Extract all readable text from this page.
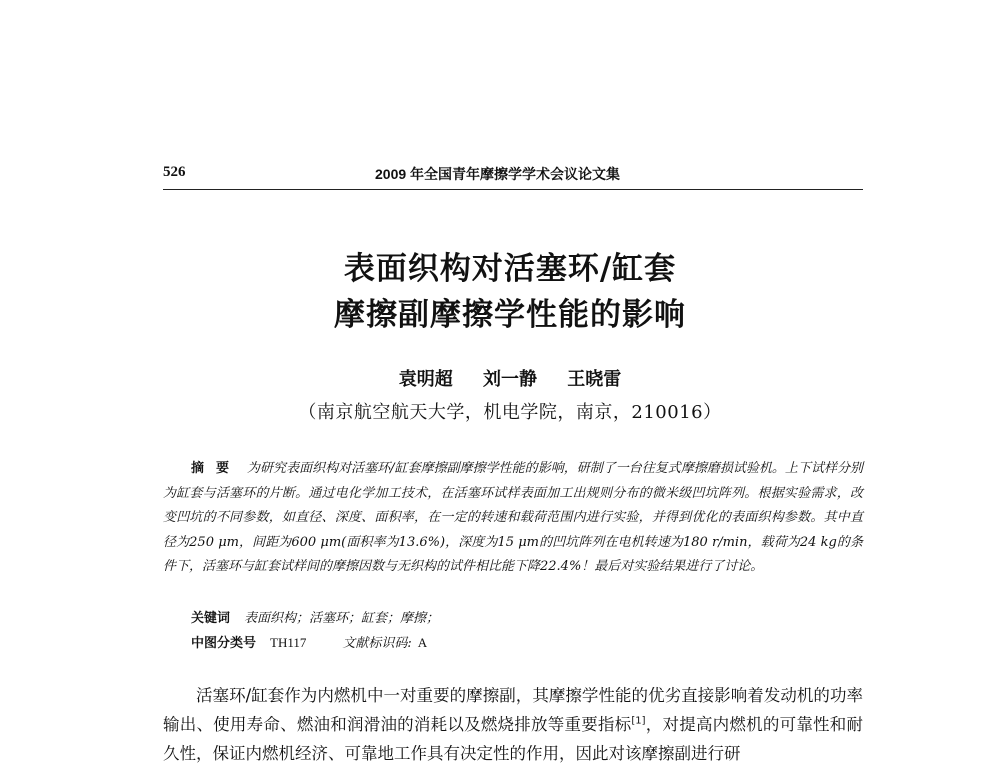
526	2009 年全国青年摩擦学学术会议论文集
表面织构对活塞环/缸套
摩擦副摩擦学性能的影响
袁明超 刘一静 王晓雷
（南京航空航天大学，机电学院，南京，210016）
摘要 为研究表面织构对活塞环/缸套摩擦副摩擦学性能的影响，研制了一台往复式摩擦磨损试验机。上下试样分别为缸套与活塞环的片断。通过电化学加工技术，在活塞环试样表面加工出规则分布的微米级凹坑阵列。根据实验需求，改变凹坑的不同参数，如直径、深度、面积率，在一定的转速和载荷范围内进行实验，并得到优化的表面织构参数。其中直径为250 μm，间距为600 μm(面积率为13.6%)，深度为15 μm的凹坑阵列在电机转速为180 r/min，载荷为24 kg的条件下，活塞环与缸套试样间的摩擦因数与无织构的试件相比能下降22.4%！最后对实验结果进行了讨论。
关键词 表面织构；活塞环；缸套；摩擦；
中图分类号 TH117	文献标识码: A
活塞环/缸套作为内燃机中一对重要的摩擦副，其摩擦学性能的优劣直接影响着发动机的功率输出、使用寿命、燃油和润滑油的消耗以及燃烧排放等重要指标[1]，对提高内燃机的可靠性和耐久性，保证内燃机经济、可靠地工作具有决定性的作用，因此对该摩擦副进行研
